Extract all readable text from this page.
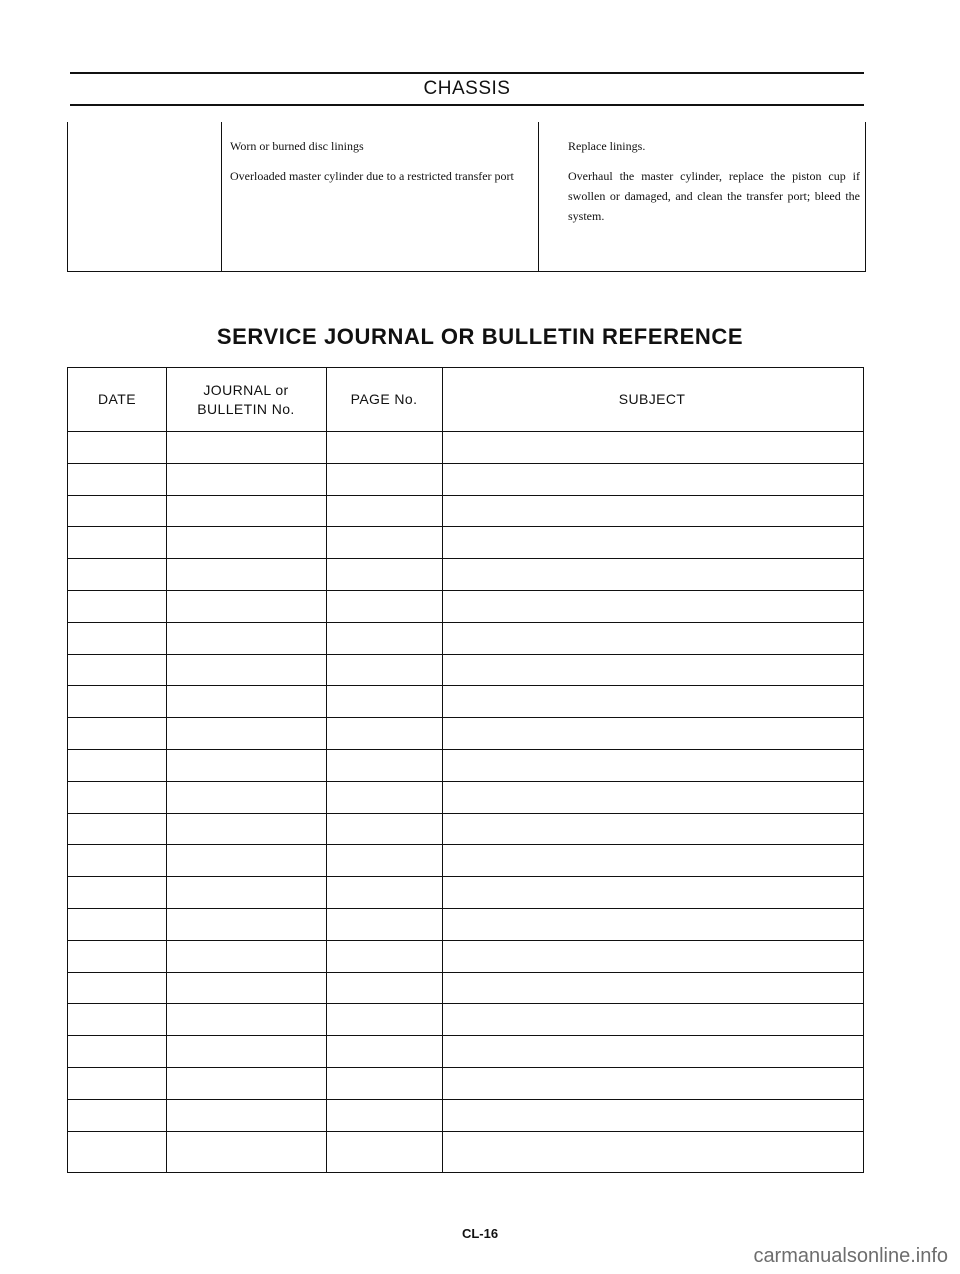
CHASSIS

Worn or burned disc linings

Overloaded master cylinder due to a restricted transfer port

Replace linings.

Overhaul the master cylinder, replace the piston cup if swollen or damaged, and clean the transfer port; bleed the system.

SERVICE JOURNAL OR BULLETIN REFERENCE
DATE
JOURNAL or
BULLETIN No.
PAGE No.	SUBJECT
CL-16
carmanualsonline.info
